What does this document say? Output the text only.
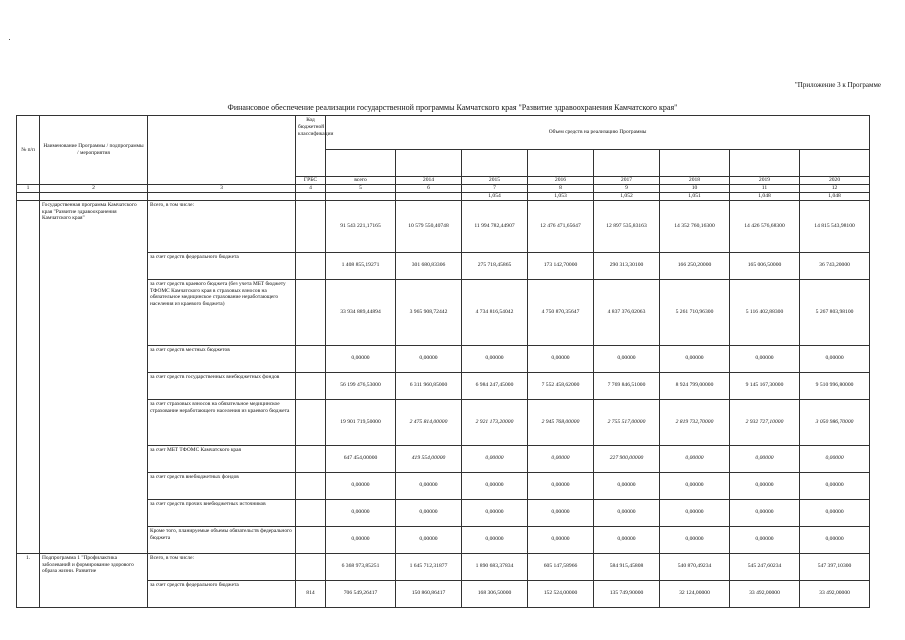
"Приложение 3 к Программе
Финансовое обеспечение реализации государственной программы Камчатского края "Развитие здравоохранения Камчатского края"
№ п/п	Наименование Программы / подпрограммы / мероприятия		Код бюджетной классификации	Объем средств на реализацию Программы							

			ГРБС	всего	2014	2015	2016	2017	2018	2019	2020
1	2	3	4	5	6	7	8	9	10	11	12
						1,054	1,053	1,052	1,051	1,048	1,048
	Государственная программа Камчатского края "Развитие здравоохранения Камчатского края"	Всего, в том числе:		91 543 221,17165	10 579 550,40748	11 994 782,44907	12 476 471,65647	12 897 535,83163	14 352 760,16300	14 426 576,68300	14 815 543,98100
		за счет средств федерального бюджета		1 408 855,19271	301 680,83306	275 718,45865	173 142,70000	290 313,30100	166 250,20000	165 006,50000	36 743,20000
		за счет средств краевого бюджета (без учета МБТ бюджету ТФОМС Камчатского края в страховых взносов на обязательное медицинское страхование неработающего населения из краевого бюджета)		33 934 889,44894	3 965 908,72442	4 734 816,54042	4 750 870,35647	4 837 376,02063	5 261 710,96300	5 116 402,88300	5 267 803,98100
		за счет средств местных бюджетов		0,00000	0,00000	0,00000	0,00000	0,00000	0,00000	0,00000	0,00000
		за счет средств государственных внебюджетных фондов		56 199 476,53000	6 311 960,85000	6 984 247,45000	7 552 458,62000	7 769 846,51000	8 924 799,00000	9 145 167,30000	9 510 996,80000
		за счет страховых взносов на обязательное медицинское страхование неработающего населения из краевого бюджета		19 901 719,50000	2 475 814,00000	2 921 173,20000	2 945 768,00000	2 755 517,00000	2 819 732,70000	2 932 727,10000	3 050 986,70000
		за счет МБТ ТФОМС Камчатского края		647 454,00000	419 554,00000	0,00000	0,00000	227 900,00000	0,00000	0,00000	0,00000
		за счет средств внебюджетных фондов		0,00000	0,00000	0,00000	0,00000	0,00000	0,00000	0,00000	0,00000
		за счет средств прочих внебюджетных источников		0,00000	0,00000	0,00000	0,00000	0,00000	0,00000	0,00000	0,00000
		Кроме того, планируемые объемы обязательств федерального бюджета		0,00000	0,00000	0,00000	0,00000	0,00000	0,00000	0,00000	0,00000
1.	Подпрограмма 1 "Профилактика заболеваний и формирование здорового образа жизни. Развитие	Всего, в том числе:		6 368 973,85251	1 645 712,31877	1 890 683,37834	605 147,58966	584 915,45808	540 870,49234	545 247,60234	547 397,10300
		за счет средств федерального бюджета	814	706 549,26417	150 860,86417	168 306,50000	152 524,00000	135 749,90000	32 124,00000	33 492,00000	33 492,00000
